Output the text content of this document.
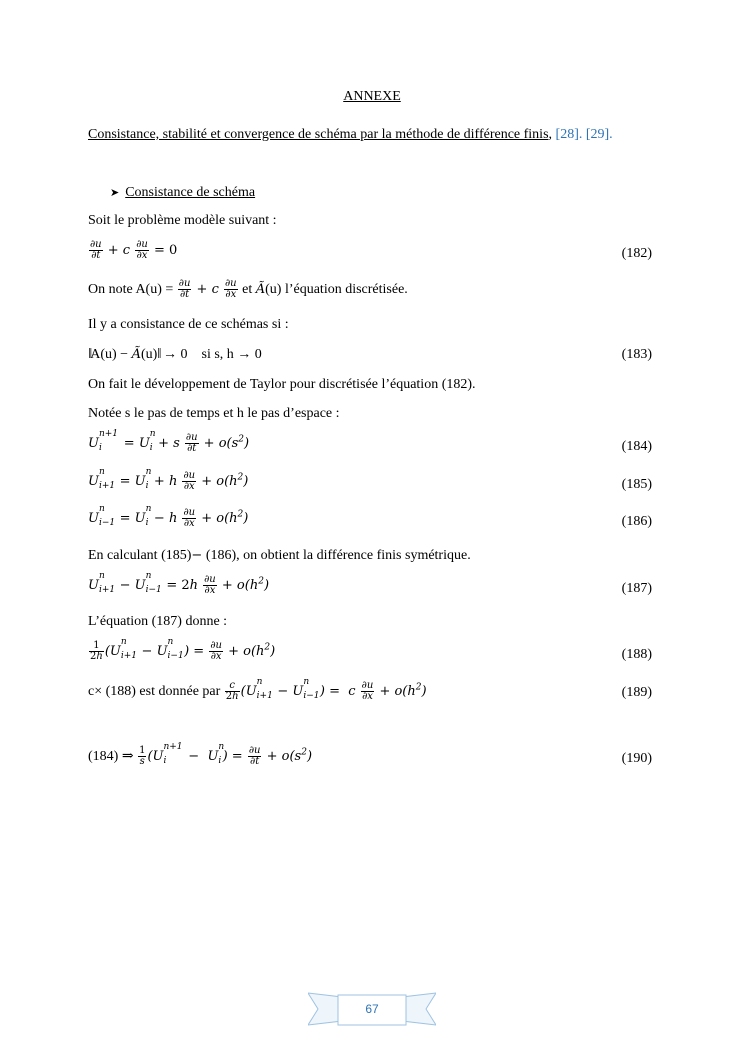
ANNEXE
Consistance, stabilité et convergence de schéma par la méthode de différence finis, [28]. [29].
➤ Consistance de schéma
Soit le problème modèle suivant :
$\frac{\partial u}{\partial t} + c \frac{\partial u}{\partial x} = 0$	(182)
On note $A(u) = \frac{\partial u}{\partial t} + c \frac{\partial u}{\partial x}$ et Ã(u) l’équation discrétisée.
Il y a consistance de ce schémas si :
‖A(u) − Ã(u)‖ → 0    si s, h → 0	(183)
On fait le développement de Taylor pour discrétisée l’équation (182).
Notée s le pas de temps et h le pas d’espace :
U
n+1
i = U
n
i + s $\frac{\partial u}{\partial t} + o(s^2)$	(184)
U
n
i+1 = U
n
i + h $\frac{\partial u}{\partial x} + o(h^2)$	(185)
U
n
i−1 = U
n
i − h $\frac{\partial u}{\partial x} + o(h^2)$	(186)
En calculant (185)− (186), on obtient la différence finis symétrique.
U
n
i+1 − U
n
$i-1 = 2h \frac{\partial u}{\partial x} + o(h^2)$	(187)
L’équation (187) donne :
$\frac{1}{2h} (U$
n
i+1 − U
n
i−1 ) = $\frac{\partial u}{\partial x} + o(h^2)$	(188)
c× (188) est donnée par $\frac{c}{2h} (U$
n
i+1 − U
n
i−1 ) =  c $\frac{\partial u}{\partial x} + o(h^2)$	(189)
(184) ⇒ $\frac{1}{s} (U$
n+1
i −  U
n
i ) = $\frac{\partial u}{\partial t} + o(s^2)$	(190)
67
